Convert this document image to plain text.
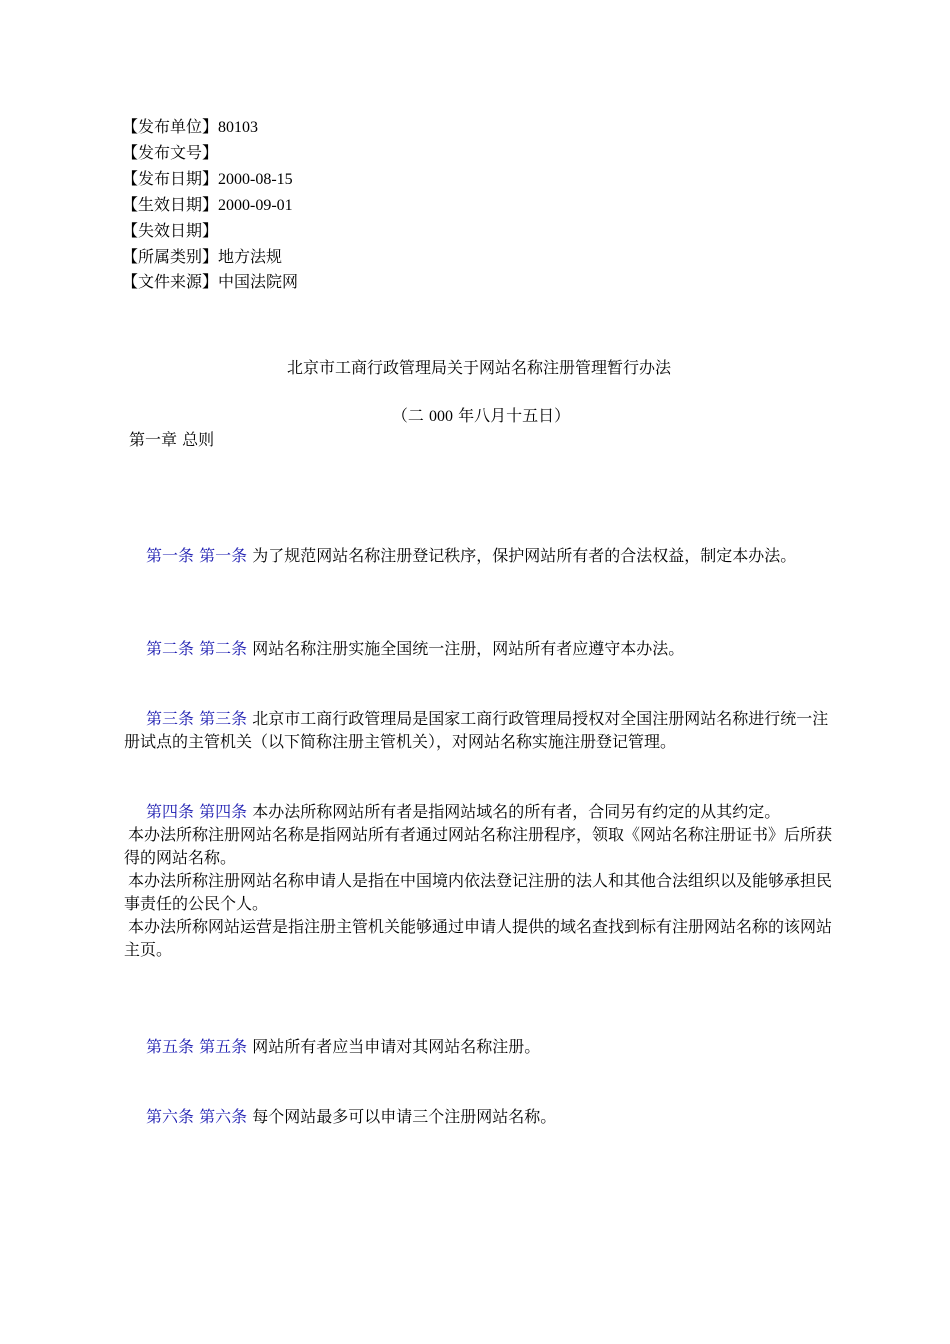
【发布单位】80103
【发布文号】
【发布日期】2000-08-15
【生效日期】2000-09-01
【失效日期】
【所属类别】地方法规
【文件来源】中国法院网
北京市工商行政管理局关于网站名称注册管理暂行办法
（二 000 年八月十五日）
第一章 总则

第一条 第一条 为了规范网站名称注册登记秩序，保护网站所有者的合法权益，制定本办法。

第二条 第二条 网站名称注册实施全国统一注册，网站所有者应遵守本办法。

第三条 第三条 北京市工商行政管理局是国家工商行政管理局授权对全国注册网站名称进行统一注册试点的主管机关（以下简称注册主管机关），对网站名称实施注册登记管理。

第四条 第四条 本办法所称网站所有者是指网站域名的所有者，合同另有约定的从其约定。

本办法所称注册网站名称是指网站所有者通过网站名称注册程序，领取《网站名称注册证书》后所获得的网站名称。

本办法所称注册网站名称申请人是指在中国境内依法登记注册的法人和其他合法组织以及能够承担民事责任的公民个人。

本办法所称网站运营是指注册主管机关能够通过申请人提供的域名查找到标有注册网站名称的该网站主页。

第五条 第五条 网站所有者应当申请对其网站名称注册。

第六条 第六条 每个网站最多可以申请三个注册网站名称。
